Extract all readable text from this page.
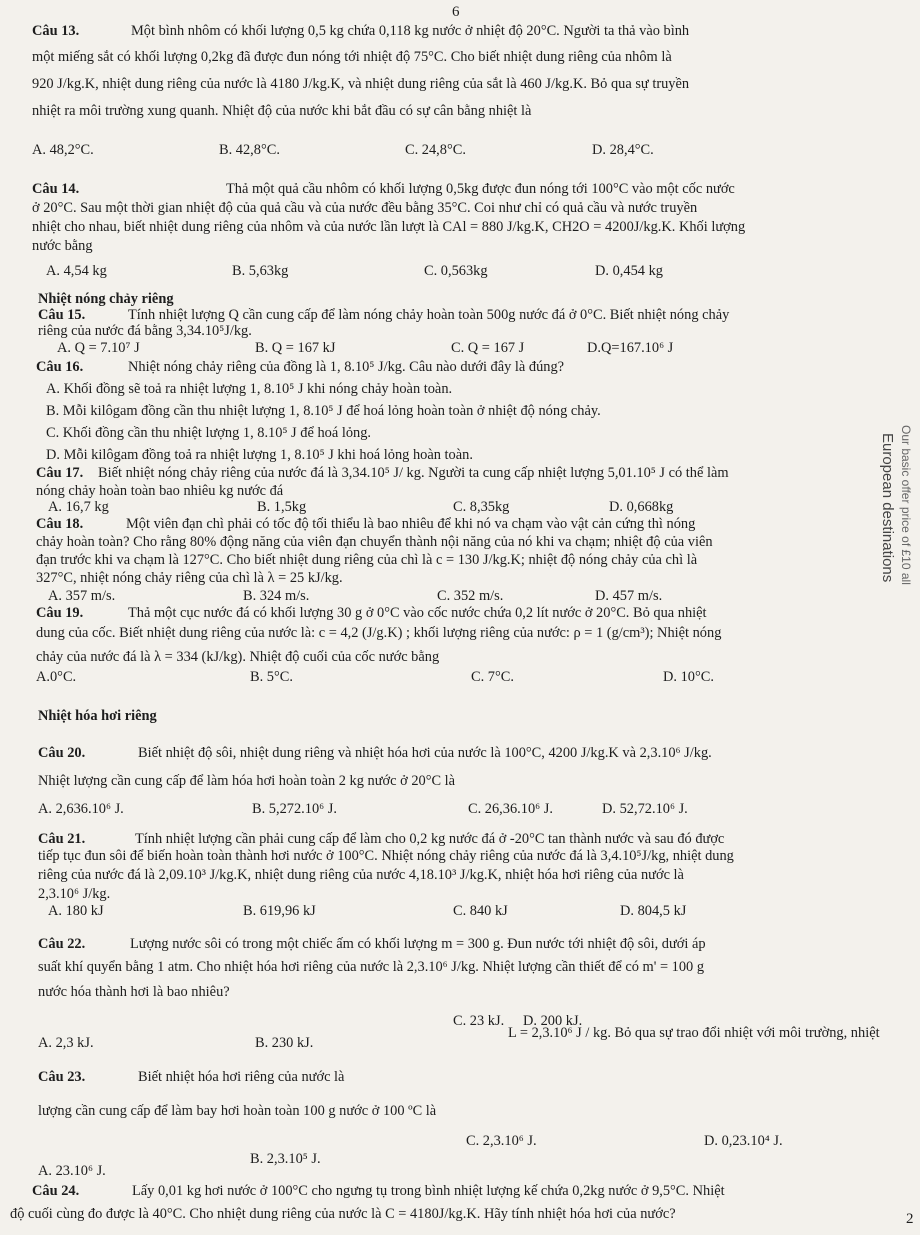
Câu 13.	Một bình nhôm có khối lượng 0,5 kg chứa 0,118 kg nước ở nhiệt độ 20°C. Người ta thả vào bình
một miếng sắt có khối lượng 0,2kg đã được đun nóng tới nhiệt độ 75°C. Cho biết nhiệt dung riêng của nhôm là
920 J/kg.K, nhiệt dung riêng của nước là 4180 J/kg.K, và nhiệt dung riêng của sắt là 460 J/kg.K. Bỏ qua sự truyền
nhiệt ra môi trường xung quanh. Nhiệt độ của nước khi bắt đầu có sự cân bằng nhiệt là
A. 48,2°C.	B. 42,8°C.	C. 24,8°C.	D. 28,4°C.
Câu 14.	Thả một quả cầu nhôm có khối lượng 0,5kg được đun nóng tới 100°C vào một cốc nước
ở 20°C. Sau một thời gian nhiệt độ của quả cầu và của nước đều bằng 35°C. Coi như chỉ có quả cầu và nước truyền
nhiệt cho nhau, biết nhiệt dung riêng của nhôm và của nước lần lượt là CAl = 880 J/kg.K, CH2O = 4200J/kg.K. Khối lượng
nước bằng
A. 4,54 kg	B. 5,63kg	C. 0,563kg	D. 0,454 kg
Nhiệt nóng chảy riêng
Câu 15.	Tính nhiệt lượng Q cần cung cấp để làm nóng chảy hoàn toàn 500g nước đá ở 0°C. Biết nhiệt nóng chảy
riêng của nước đá bằng 3,34.10⁵J/kg.
A. Q = 7.10⁷ J	B. Q = 167 kJ	C. Q = 167 J	D.Q=167.10⁶ J
Câu 16.	Nhiệt nóng chảy riêng của đồng là 1, 8.10⁵ J/kg. Câu nào dưới đây là đúng?
A. Khối đồng sẽ toả ra nhiệt lượng 1, 8.10⁵ J khi nóng chảy hoàn toàn.
B. Mỗi kilôgam đồng cần thu nhiệt lượng 1, 8.10⁵ J để hoá lỏng hoàn toàn ở nhiệt độ nóng chảy.
C. Khối đồng cần thu nhiệt lượng 1, 8.10⁵ J để hoá lỏng.
D. Mỗi kilôgam đồng toả ra nhiệt lượng 1, 8.10⁵ J khi hoá lỏng hoàn toàn.
Câu 17. Biết nhiệt nóng chảy riêng của nước đá là 3,34.10⁵ J/ kg. Người ta cung cấp nhiệt lượng 5,01.10⁵ J có thể làm
nóng chảy hoàn toàn bao nhiêu kg nước đá
A. 16,7 kg	B. 1,5kg	C. 8,35kg	D. 0,668kg
Câu 18.	Một viên đạn chì phải có tốc độ tối thiểu là bao nhiêu để khi nó va chạm vào vật cản cứng thì nóng
chảy hoàn toàn? Cho rằng 80% động năng của viên đạn chuyển thành nội năng của nó khi va chạm; nhiệt độ của viên
đạn trước khi va chạm là 127°C. Cho biết nhiệt dung riêng của chì là c = 130 J/kg.K; nhiệt độ nóng chảy của chì là
327°C, nhiệt nóng chảy riêng của chì là λ = 25 kJ/kg.
A. 357 m/s.	B. 324 m/s.	C. 352 m/s.	D. 457 m/s.
Câu 19.	Thả một cục nước đá có khối lượng 30 g ở 0°C vào cốc nước chứa 0,2 lít nước ở 20°C. Bỏ qua nhiệt
dung của cốc. Biết nhiệt dung riêng của nước là: c = 4,2 (J/g.K) ; khối lượng riêng của nước: ρ = 1 (g/cm³); Nhiệt nóng
chảy của nước đá là λ = 334 (kJ/kg). Nhiệt độ cuối của cốc nước bằng
A.0°C.	B. 5°C.	C. 7°C.	D. 10°C.
Nhiệt hóa hơi riêng
Câu 20.	Biết nhiệt độ sôi, nhiệt dung riêng và nhiệt hóa hơi của nước là 100°C, 4200 J/kg.K và 2,3.10⁶ J/kg.
Nhiệt lượng cần cung cấp để làm hóa hơi hoàn toàn 2 kg nước ở 20°C là
A. 2,636.10⁶ J.	B. 5,272.10⁶ J.	C. 26,36.10⁶ J.	D. 52,72.10⁶ J.
Câu 21.	Tính nhiệt lượng cần phải cung cấp để làm cho 0,2 kg nước đá ở -20°C tan thành nước và sau đó được
tiếp tục đun sôi để biến hoàn toàn thành hơi nước ở 100°C. Nhiệt nóng chảy riêng của nước đá là 3,4.10⁵J/kg, nhiệt dung
riêng của nước đá là 2,09.10³ J/kg.K, nhiệt dung riêng của nước 4,18.10³ J/kg.K, nhiệt hóa hơi riêng của nước là
2,3.10⁶ J/kg.
A. 180 kJ	B. 619,96 kJ	C. 840 kJ	D. 804,5 kJ
Câu 22.	Lượng nước sôi có trong một chiếc ấm có khối lượng m = 300 g. Đun nước tới nhiệt độ sôi, dưới áp
suất khí quyển bằng 1 atm. Cho nhiệt hóa hơi riêng của nước là 2,3.10⁶ J/kg. Nhiệt lượng cần thiết để có m' = 100 g
nước hóa thành hơi là bao nhiêu?
C. 23 kJ. D. 200 kJ.
A. 2,3 kJ.	B. 230 kJ.
L = 2,3.10⁶ J / kg. Bỏ qua sự trao đổi nhiệt với môi trường, nhiệt
Câu 23.	Biết nhiệt hóa hơi riêng của nước là
lượng cần cung cấp để làm bay hơi hoàn toàn 100 g nước ở 100 ºC là
C. 2,3.10⁶ J.	D. 0,23.10⁴ J.
B. 2,3.10⁵ J.
A. 23.10⁶ J.
Câu 24.	Lấy 0,01 kg hơi nước ở 100°C cho ngưng tụ trong bình nhiệt lượng kế chứa 0,2kg nước ở 9,5°C. Nhiệt
độ cuối cùng đo được là 40°C. Cho nhiệt dung riêng của nước là C = 4180J/kg.K. Hãy tính nhiệt hóa hơi của nước?
6
European destinations Our basic offer price of £10 all
2
